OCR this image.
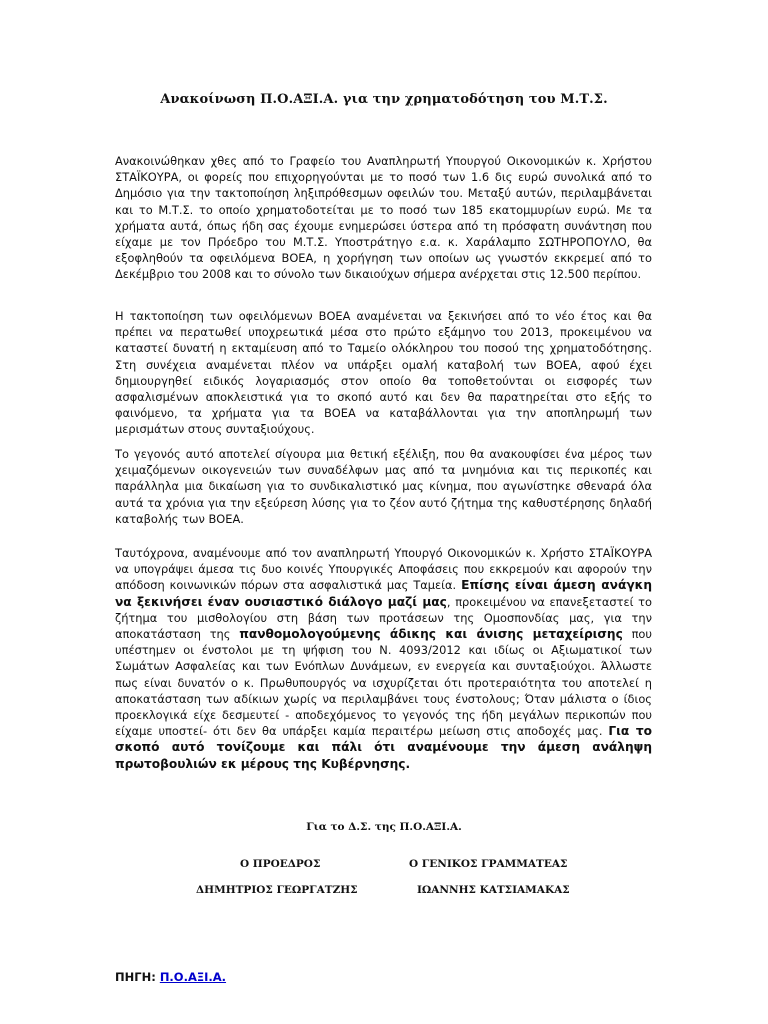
Ανακοίνωση Π.Ο.ΑΞΙ.Α. για την χρηματοδότηση του Μ.Τ.Σ.

Ανακοινώθηκαν χθες από το Γραφείο του Αναπληρωτή Υπουργού Οικονομικών κ. Χρήστου ΣΤΑΪΚΟΥΡΑ, οι φορείς που επιχορηγούνται με το ποσό των 1.6 δις ευρώ συνολικά από το Δημόσιο για την τακτοποίηση ληξιπρόθεσμων οφειλών του. Μεταξύ αυτών, περιλαμβάνεται και το Μ.Τ.Σ. το οποίο χρηματοδοτείται με το ποσό των 185 εκατομμυρίων ευρώ. Με τα χρήματα αυτά, όπως ήδη σας έχουμε ενημερώσει ύστερα από τη πρόσφατη συνάντηση που είχαμε με τον Πρόεδρο του Μ.Τ.Σ. Υποστράτηγο ε.α. κ. Χαράλαμπο ΣΩΤΗΡΟΠΟΥΛΟ, θα εξοφληθούν τα οφειλόμενα ΒΟΕΑ, η χορήγηση των οποίων ως γνωστόν εκκρεμεί από το Δεκέμβριο του 2008 και το σύνολο των δικαιούχων σήμερα ανέρχεται στις 12.500 περίπου.

Η τακτοποίηση των οφειλόμενων ΒΟΕΑ αναμένεται να ξεκινήσει από το νέο έτος και θα πρέπει να περατωθεί υποχρεωτικά μέσα στο πρώτο εξάμηνο του 2013, προκειμένου να καταστεί δυνατή η εκταμίευση από το Ταμείο ολόκληρου του ποσού της χρηματοδότησης. Στη συνέχεια αναμένεται πλέον να υπάρξει ομαλή καταβολή των ΒΟΕΑ, αφού έχει δημιουργηθεί ειδικός λογαριασμός στον οποίο θα τοποθετούνται οι εισφορές των ασφαλισμένων αποκλειστικά για το σκοπό αυτό και δεν θα παρατηρείται στο εξής το φαινόμενο, τα χρήματα για τα ΒΟΕΑ να καταβάλλονται για την αποπληρωμή των μερισμάτων στους συνταξιούχους.

Το γεγονός αυτό αποτελεί σίγουρα μια θετική εξέλιξη, που θα ανακουφίσει ένα μέρος των χειμαζόμενων οικογενειών των συναδέλφων μας από τα μνημόνια και τις περικοπές και παράλληλα μια δικαίωση για το συνδικαλιστικό μας κίνημα, που αγωνίστηκε σθεναρά όλα αυτά τα χρόνια για την εξεύρεση λύσης για το ζέον αυτό ζήτημα της καθυστέρησης δηλαδή καταβολής των ΒΟΕΑ.

Ταυτόχρονα, αναμένουμε από τον αναπληρωτή Υπουργό Οικονομικών κ. Χρήστο ΣΤΑΪΚΟΥΡΑ να υπογράψει άμεσα τις δυο κοινές Υπουργικές Αποφάσεις που εκκρεμούν και αφορούν την απόδοση κοινωνικών πόρων στα ασφαλιστικά μας Ταμεία. Επίσης είναι άμεση ανάγκη να ξεκινήσει έναν ουσιαστικό διάλογο μαζί μας, προκειμένου να επανεξεταστεί το ζήτημα του μισθολογίου στη βάση των προτάσεων της Ομοσπονδίας μας, για την αποκατάσταση της πανθομολογούμενης άδικης και άνισης μεταχείρισης που υπέστημεν οι ένστολοι με τη ψήφιση του Ν. 4093/2012 και ιδίως οι Αξιωματικοί των Σωμάτων Ασφαλείας και των Ενόπλων Δυνάμεων, εν ενεργεία και συνταξιούχοι. Άλλωστε πως είναι δυνατόν ο κ. Πρωθυπουργός να ισχυρίζεται ότι προτεραιότητα του αποτελεί η αποκατάσταση των αδίκιων χωρίς να περιλαμβάνει τους ένστολους; Όταν μάλιστα ο ίδιος προεκλογικά είχε δεσμευτεί - αποδεχόμενος το γεγονός της ήδη μεγάλων περικοπών που είχαμε υποστεί- ότι δεν θα υπάρξει καμία περαιτέρω μείωση στις αποδοχές μας. Για το σκοπό αυτό τονίζουμε και πάλι ότι αναμένουμε την άμεση ανάληψη πρωτοβουλιών εκ μέρους της Κυβέρνησης.

Για το Δ.Σ. της Π.Ο.ΑΞΙ.Α.
Ο ΠΡΟΕΔΡΟΣ	Ο ΓΕΝΙΚΟΣ ΓΡΑΜΜΑΤΕΑΣ
ΔΗΜΗΤΡΙΟΣ ΓΕΩΡΓΑΤΖΗΣ	ΙΩΑΝΝΗΣ ΚΑΤΣΙΑΜΑΚΑΣ
ΠΗΓΗ: Π.Ο.ΑΞΙ.Α.
